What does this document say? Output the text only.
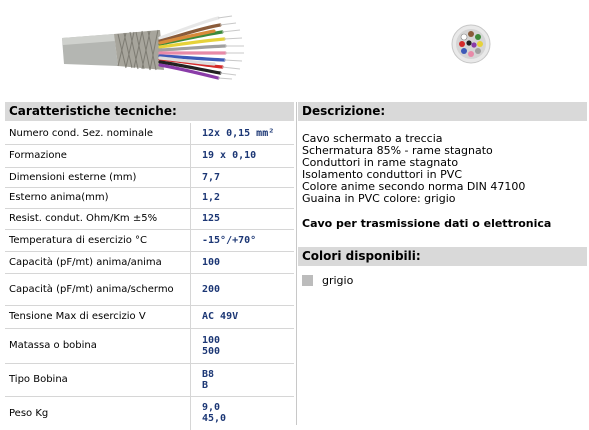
Caratteristiche tecniche:
Numero cond. Sez. nominale	12x 0,15 mm²
Formazione	19 x 0,10
Dimensioni esterne (mm)	7,7
Esterno anima(mm)	1,2
Resist. condut. Ohm/Km ±5%	125
Temperatura di esercizio °C	-15°/+70°
Capacità (pF/mt) anima/anima	100
Capacità (pF/mt) anima/schermo	200
Tensione Max di esercizio V	AC 49V
Matassa o bobina	100
500
Tipo Bobina	B8
B
Peso Kg	9,0
45,0
Descrizione:
Cavo schermato a treccia
Schermatura 85% - rame stagnato
Conduttori in rame stagnato
Isolamento conduttori in PVC
Colore anime secondo norma DIN 47100
Guaina in PVC colore: grigio
Cavo per trasmissione dati o elettronica
Colori disponibili:
grigio
